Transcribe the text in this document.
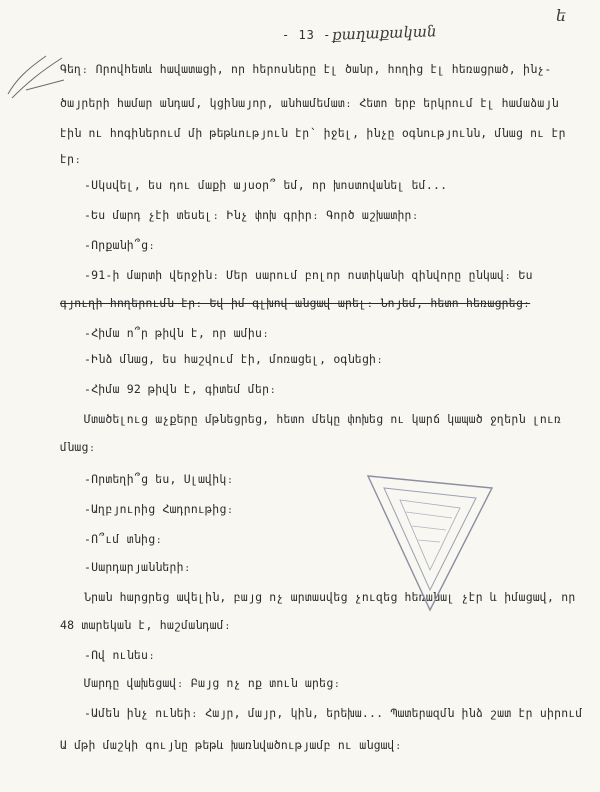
- 13 - քաղաքական
ե
Գեղ։ Որովհետև հավատացի, որ հերոսները էլ ծանր, հողից էլ հեռացրած, ինչ-
ծայրերի համար անդամ, կցինայոր, անհամեմատ։ Հետո երբ երկրում էլ համաձայն
էին ու հոգիներում մի թեթևություն էր՝ իջել, ինչը օգնությունն, մնաց ու էր
էր։
-Սկսվել, ես դու մաքի այսօր՞ եմ, որ խոստովանել եմ...
-Ես մարդ չէի տեսել։ Ինչ փոխ գրիր։ Գործ աշխատիր։
-Որքանի՞ց։
-91-ի մարտի վերջին։ Մեր սարում բոլոր ոստիկանի զինվորը ընկավ։ Ես
գյուղի հողերումն էր։ Եվ իմ գլխով անցավ արել։ Նոյեմ, հետո հեռացրեց։
-Հիմա ո՞ր թիվն է, որ ամիս։
-Ինձ մնաց, ես հաշվում էի, մոռացել, օգնեցի։
-Հիմա 92 թիվն է, գիտեմ մեր։
Մտածելուց աչքերը մթնեցրեց, հետո մեկը փոխեց ու կարճ կապած ջղերն լուռ
մնաց։
-Որտեղի՞ց ես, Սլավիկ։
-Աղբյուրից Հադրութից։
-Ո՞ւմ տնից։
-Սարդարյանների։
Նրան հարցրեց ավելին, բայց ոչ արտասվեց չուզեց հեռանալ չէր և իմացավ, որ
48 տարեկան է, հաշմանդամ։
-Ով ունես։
Մարդը վախեցավ։ Բայց ոչ ոք տուն արեց։
-Ամեն ինչ ունեի։ Հայր, մայր, կին, երեխա... Պատերազմն ինձ շատ էր սիրում
Ա մթի մաշկի գույնը թեթև խառնվածությամբ ու անցավ։
